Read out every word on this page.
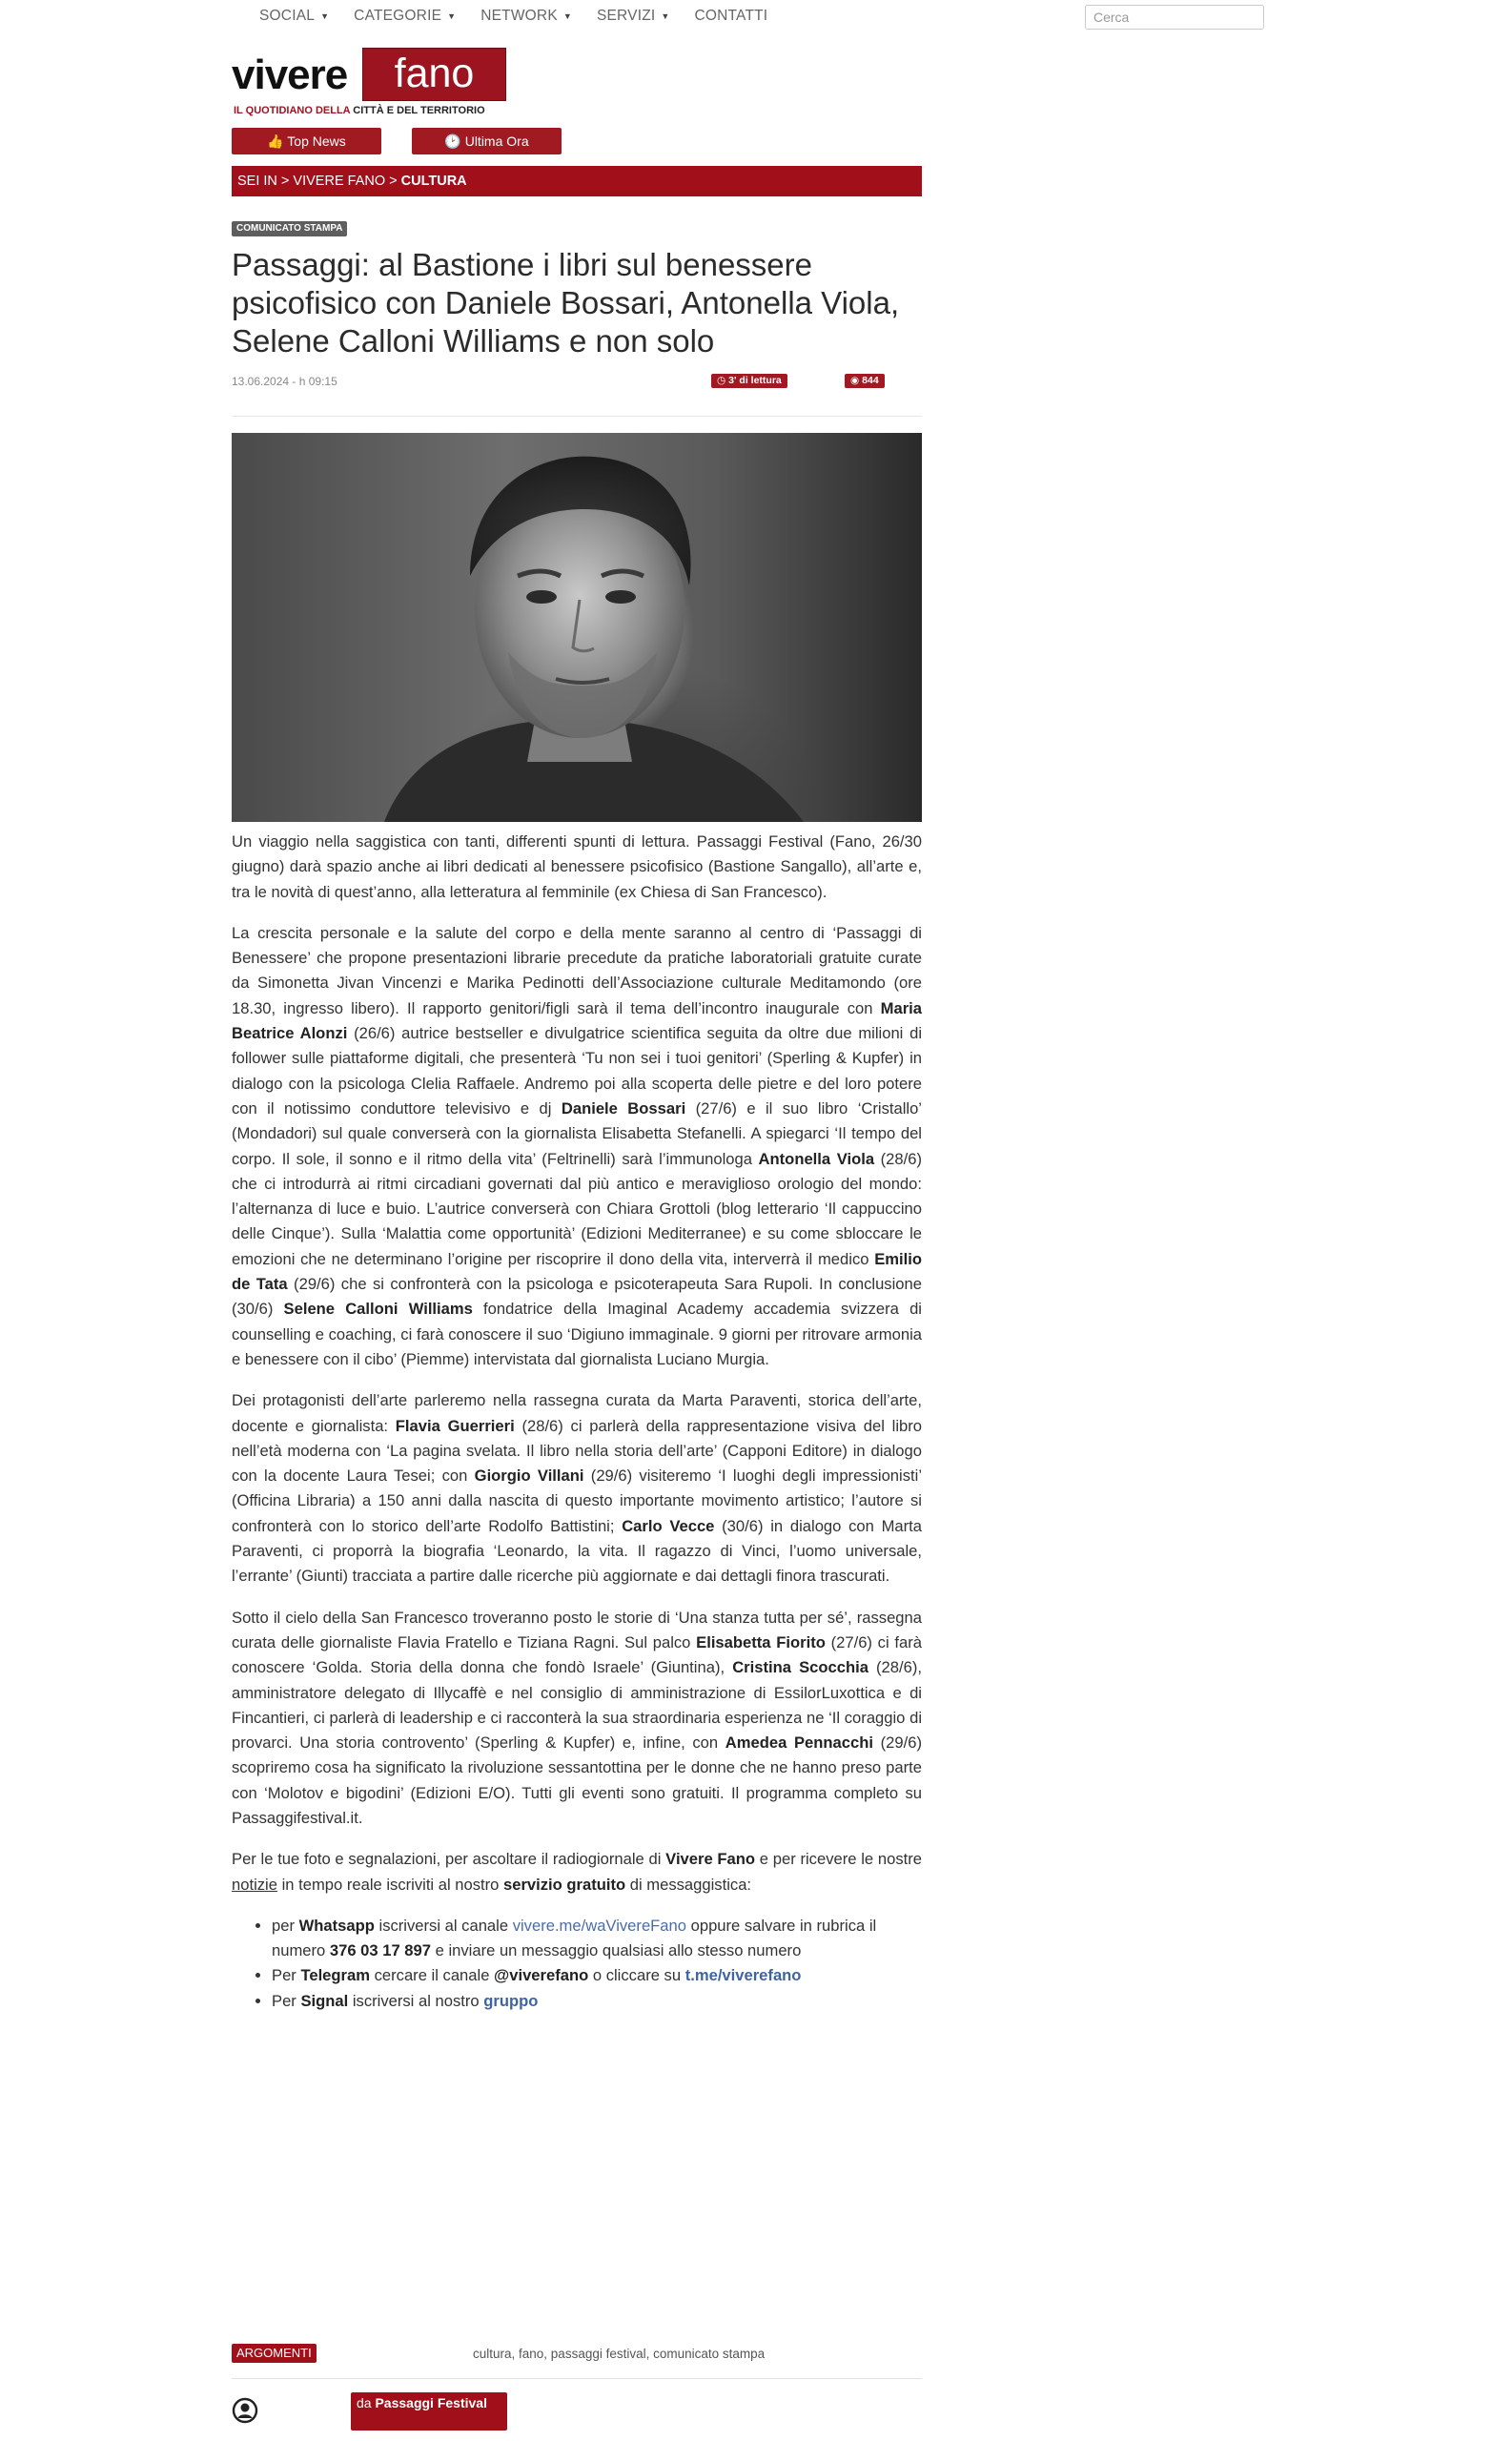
SOCIAL ▼ CATEGORIE ▼ NETWORK ▼ SERVIZI ▼ CONTATTI
Cerca
vivere	fano
IL QUOTIDIANO DELLA CITTÀ E DEL TERRITORIO
👍 Top News	🕑 Ultima Ora
SEI IN > VIVERE FANO > CULTURA
COMUNICATO STAMPA
Passaggi: al Bastione i libri sul benessere psicofisico con Daniele Bossari, Antonella Viola, Selene Calloni Williams e non solo
13.06.2024 - h 09:15	◷ 3' di lettura	◉ 844

Un viaggio nella saggistica con tanti, differenti spunti di lettura. Passaggi Festival (Fano, 26/30 giugno) darà spazio anche ai libri dedicati al benessere psicofisico (Bastione Sangallo), all’arte e, tra le novità di quest’anno, alla letteratura al femminile (ex Chiesa di San Francesco).

La crescita personale e la salute del corpo e della mente saranno al centro di ‘Passaggi di Benessere’ che propone presentazioni librarie precedute da pratiche laboratoriali gratuite curate da Simonetta Jivan Vincenzi e Marika Pedinotti dell’Associazione culturale Meditamondo (ore 18.30, ingresso libero). Il rapporto genitori/figli sarà il tema dell’incontro inaugurale con Maria Beatrice Alonzi (26/6) autrice bestseller e divulgatrice scientifica seguita da oltre due milioni di follower sulle piattaforme digitali, che presenterà ‘Tu non sei i tuoi genitori’ (Sperling & Kupfer) in dialogo con la psicologa Clelia Raffaele. Andremo poi alla scoperta delle pietre e del loro potere con il notissimo conduttore televisivo e dj Daniele Bossari (27/6) e il suo libro ‘Cristallo’ (Mondadori) sul quale converserà con la giornalista Elisabetta Stefanelli. A spiegarci ‘Il tempo del corpo. Il sole, il sonno e il ritmo della vita’ (Feltrinelli) sarà l’immunologa Antonella Viola (28/6) che ci introdurrà ai ritmi circadiani governati dal più antico e meraviglioso orologio del mondo: l’alternanza di luce e buio. L’autrice converserà con Chiara Grottoli (blog letterario ‘Il cappuccino delle Cinque’). Sulla ‘Malattia come opportunità’ (Edizioni Mediterranee) e su come sbloccare le emozioni che ne determinano l’origine per riscoprire il dono della vita, interverrà il medico Emilio de Tata (29/6) che si confronterà con la psicologa e psicoterapeuta Sara Rupoli. In conclusione (30/6) Selene Calloni Williams fondatrice della Imaginal Academy accademia svizzera di counselling e coaching, ci farà conoscere il suo ‘Digiuno immaginale. 9 giorni per ritrovare armonia e benessere con il cibo’ (Piemme) intervistata dal giornalista Luciano Murgia.

Dei protagonisti dell’arte parleremo nella rassegna curata da Marta Paraventi, storica dell’arte, docente e giornalista: Flavia Guerrieri (28/6) ci parlerà della rappresentazione visiva del libro nell’età moderna con ‘La pagina svelata. Il libro nella storia dell’arte’ (Capponi Editore) in dialogo con la docente Laura Tesei; con Giorgio Villani (29/6) visiteremo ‘I luoghi degli impressionisti’ (Officina Libraria) a 150 anni dalla nascita di questo importante movimento artistico; l’autore si confronterà con lo storico dell’arte Rodolfo Battistini; Carlo Vecce (30/6) in dialogo con Marta Paraventi, ci proporrà la biografia ‘Leonardo, la vita. Il ragazzo di Vinci, l’uomo universale, l’errante’ (Giunti) tracciata a partire dalle ricerche più aggiornate e dai dettagli finora trascurati.

Sotto il cielo della San Francesco troveranno posto le storie di ‘Una stanza tutta per sé’, rassegna curata delle giornaliste Flavia Fratello e Tiziana Ragni. Sul palco Elisabetta Fiorito (27/6) ci farà conoscere ‘Golda. Storia della donna che fondò Israele’ (Giuntina), Cristina Scocchia (28/6), amministratore delegato di Illycaffè e nel consiglio di amministrazione di EssilorLuxottica e di Fincantieri, ci parlerà di leadership e ci racconterà la sua straordinaria esperienza ne ‘Il coraggio di provarci. Una storia controvento’ (Sperling & Kupfer) e, infine, con Amedea Pennacchi (29/6) scopriremo cosa ha significato la rivoluzione sessantottina per le donne che ne hanno preso parte con ‘Molotov e bigodini’ (Edizioni E/O). Tutti gli eventi sono gratuiti. Il programma completo su Passaggifestival.it.

Per le tue foto e segnalazioni, per ascoltare il radiogiornale di Vivere Fano e per ricevere le nostre notizie in tempo reale iscriviti al nostro servizio gratuito di messaggistica:

• per Whatsapp iscriversi al canale vivere.me/waVivereFano oppure salvare in rubrica il numero 376 03 17 897 e inviare un messaggio qualsiasi allo stesso numero
• Per Telegram cercare il canale @viverefano o cliccare su t.me/viverefano
• Per Signal iscriversi al nostro gruppo
ARGOMENTI	cultura, fano, passaggi festival, comunicato stampa
da Passaggi Festival
